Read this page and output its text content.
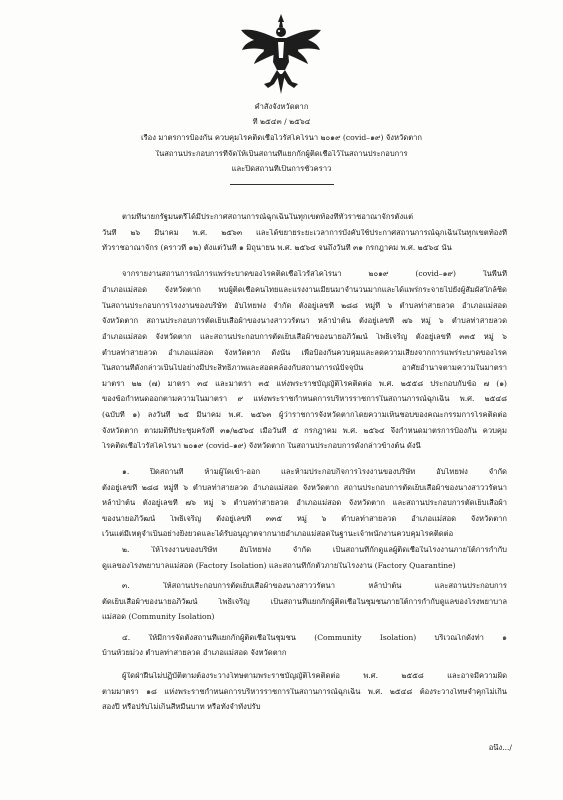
คำสั่งจังหวัดตาก
ที่ ๒๕๔๓ / ๒๕๖๔
เรื่อง มาตรการป้องกัน ควบคุมโรคติดเชื้อไวรัสโคโรนา ๒๐๑๙ (covid–๑๙) จังหวัดตาก
ในสถานประกอบการที่จัดให้เป็นสถานที่แยกกักผู้ติดเชื้อไว้ในสถานประกอบการ
และปิดสถานที่เป็นการชั่วคราว
ตามที่นายกรัฐมนตรีได้มีประกาศสถานการณ์ฉุกเฉินในทุกเขตท้องที่ทั่วราชอาณาจักรตั้งแต่
วันที่ ๒๖ มีนาคม พ.ศ. ๒๕๖๓ และได้ขยายระยะเวลาการบังคับใช้ประกาศสถานการณ์ฉุกเฉินในทุกเขตท้องที่
ทั่วราชอาณาจักร (คราวที่ ๑๒) ตั้งแต่วันที่ ๑ มิถุนายน พ.ศ. ๒๕๖๔ จนถึงวันที่ ๓๑ กรกฎาคม พ.ศ. ๒๕๖๔ นั้น
จากรายงานสถานการณ์การแพร่ระบาดของโรคติดเชื้อไวรัสโคโรนา ๒๐๑๙ (covid–๑๙) ในพื้นที่
อำเภอแม่สอด จังหวัดตาก พบผู้ติดเชื้อคนไทยและแรงงานเมียนมาจำนวนมากและได้แพร่กระจายไปยังผู้สัมผัสใกล้ชิด
ในสถานประกอบการโรงงานของบริษัท อับไทยฟง จำกัด ตั้งอยู่เลขที่ ๒๘๘ หมู่ที่ ๖ ตำบลท่าสายลวด อำเภอแม่สอด
จังหวัดตาก สถานประกอบการตัดเย็บเสื้อผ้าของนางสาววรัตนา หล้าป่าต้น ตั้งอยู่เลขที่ ๗๖ หมู่ ๖ ตำบลท่าสายลวด
อำเภอแม่สอด จังหวัดตาก และสถานประกอบการตัดเย็บเสื้อผ้าของนายอภิวัฒน์ โพธิเจริญ ตั้งอยู่เลขที่ ๓๓๕ หมู่ ๖
ตำบลท่าสายลวด อำเภอแม่สอด จังหวัดตาก ดังนั้น เพื่อป้องกันควบคุมและลดความเสี่ยงจากการแพร่ระบาดของโรค
ในสถานที่ดังกล่าวเป็นไปอย่างมีประสิทธิภาพและสอดคล้องกับสถานการณ์ปัจจุบัน อาศัยอำนาจตามความในมาตรา
มาตรา ๒๒ (๗) มาตรา ๓๔ และมาตรา ๓๕ แห่งพระราชบัญญัติโรคติดต่อ พ.ศ. ๒๕๕๘ ประกอบกับข้อ ๗ (๑)
ของข้อกำหนดออกตามความในมาตรา ๙ แห่งพระราชกำหนดการบริหารราชการในสถานการณ์ฉุกเฉิน พ.ศ. ๒๕๔๘
(ฉบับที่ ๑) ลงวันที่ ๒๕ มีนาคม พ.ศ. ๒๕๖๓ ผู้ว่าราชการจังหวัดตากโดยความเห็นชอบของคณะกรรมการโรคติดต่อ
จังหวัดตาก ตามมติที่ประชุมครั้งที่ ๓๑/๒๕๖๔ เมื่อวันที่ ๕ กรกฎาคม พ.ศ. ๒๕๖๔ จึงกำหนดมาตรการป้องกัน ควบคุม
โรคติดเชื้อไวรัสโคโรนา ๒๐๑๙ (covid–๑๙) จังหวัดตาก ในสถานประกอบการดังกล่าวข้างต้น ดังนี้
๑. ปิดสถานที่ ห้ามผู้ใดเข้า-ออก และห้ามประกอบกิจการโรงงานของบริษัท อับไทยฟง จำกัด
ตั้งอยู่เลขที่ ๒๘๘ หมู่ที่ ๖ ตำบลท่าสายลวด อำเภอแม่สอด จังหวัดตาก สถานประกอบการตัดเย็บเสื้อผ้าของนางสาววรัตนา
หล้าป่าต้น ตั้งอยู่เลขที่ ๗๖ หมู่ ๖ ตำบลท่าสายลวด อำเภอแม่สอด จังหวัดตาก และสถานประกอบการตัดเย็บเสื้อผ้า
ของนายอภิวัฒน์ โพธิเจริญ ตั้งอยู่เลขที่ ๓๓๕ หมู่ ๖ ตำบลท่าสายลวด อำเภอแม่สอด จังหวัดตาก
เว้นแต่มีเหตุจำเป็นอย่างยิ่งยวดและได้รับอนุญาตจากนายอำเภอแม่สอดในฐานะเจ้าพนักงานควบคุมโรคติดต่อ
๒. ให้โรงงานของบริษัท อับไทยฟง จำกัด เป็นสถานที่กักดูแลผู้ติดเชื้อในโรงงานภายใต้การกำกับ
ดูแลของโรงพยาบาลแม่สอด (Factory Isolation) และสถานที่กักตัวภายในโรงงาน (Factory Quarantine)
๓. ให้สถานประกอบการตัดเย็บเสื้อผ้าของนางสาววรัตนา หล้าป่าต้น และสถานประกอบการ
ตัดเย็บเสื้อผ้าของนายอภิวัฒน์ โพธิเจริญ เป็นสถานที่แยกกักผู้ติดเชื้อในชุมชนภายใต้การกำกับดูแลของโรงพยาบาล
แม่สอด (Community Isolation)
๔. ให้มีการจัดตั้งสถานที่แยกกักผู้ติดเชื้อในชุมชน (Community Isolation) บริเวณโกดังท่า ๑
บ้านห้วยม่วง ตำบลท่าสายลวด อำเภอแม่สอด จังหวัดตาก
ผู้ใดฝ่าฝืนไม่ปฏิบัติตามต้องระวางโทษตามพระราชบัญญัติโรคติดต่อ พ.ศ. ๒๕๕๘ และอาจมีความผิด
ตามมาตรา ๑๘ แห่งพระราชกำหนดการบริหารราชการในสถานการณ์ฉุกเฉิน พ.ศ. ๒๕๔๘ ต้องระวางโทษจำคุกไม่เกิน
สองปี หรือปรับไม่เกินสี่หมื่นบาท หรือทั้งจำทั้งปรับ
อนึ่ง.../
